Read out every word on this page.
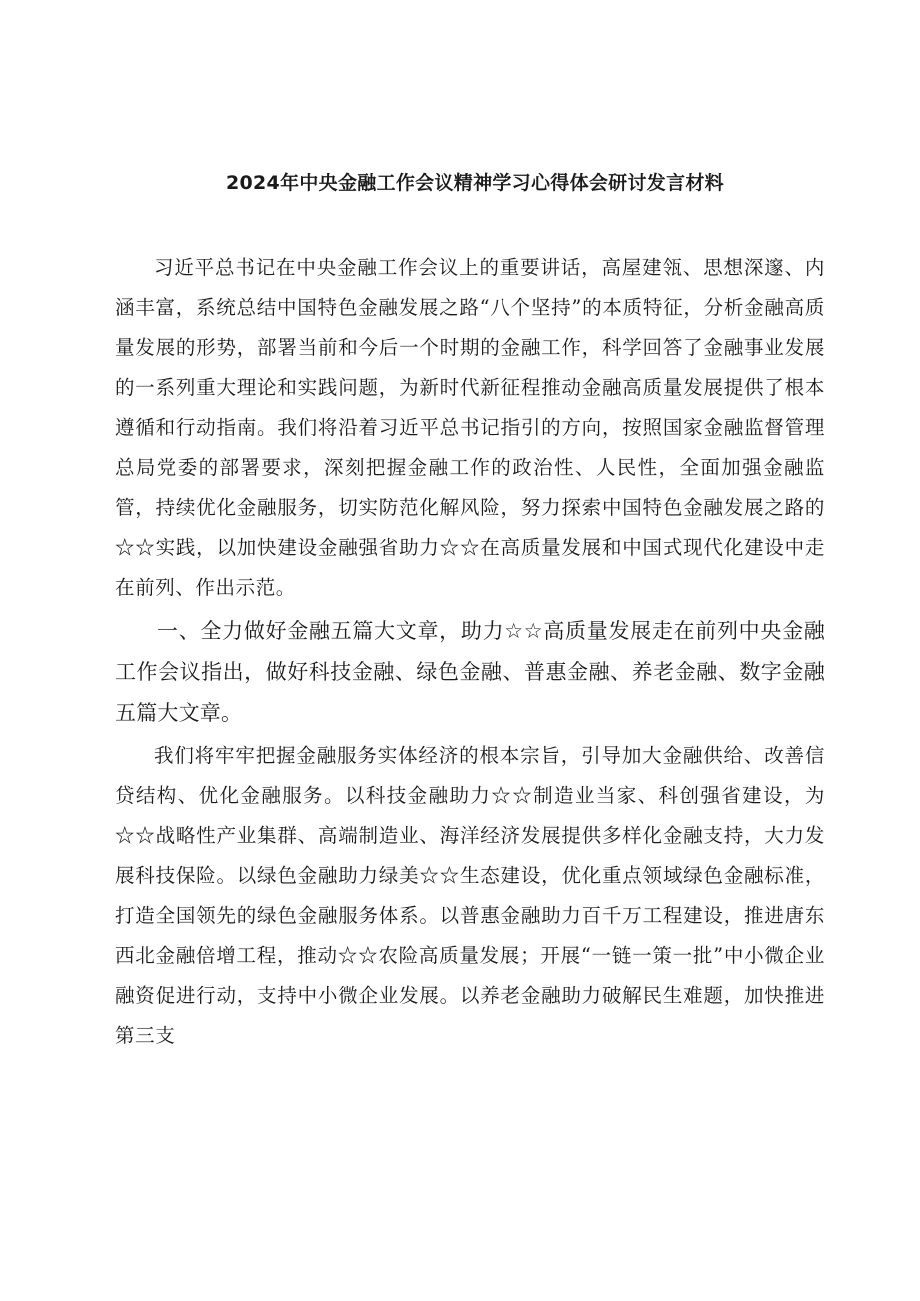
2024年中央金融工作会议精神学习心得体会研讨发言材料

习近平总书记在中央金融工作会议上的重要讲话，高屋建瓴、思想深邃、内涵丰富，系统总结中国特色金融发展之路“八个坚持”的本质特征，分析金融高质量发展的形势，部署当前和今后一个时期的金融工作，科学回答了金融事业发展的一系列重大理论和实践问题，为新时代新征程推动金融高质量发展提供了根本遵循和行动指南。我们将沿着习近平总书记指引的方向，按照国家金融监督管理总局党委的部署要求，深刻把握金融工作的政治性、人民性，全面加强金融监管，持续优化金融服务，切实防范化解风险，努力探索中国特色金融发展之路的☆☆实践，以加快建设金融强省助力☆☆在高质量发展和中国式现代化建设中走在前列、作出示范。

一、全力做好金融五篇大文章，助力☆☆高质量发展走在前列中央金融工作会议指出，做好科技金融、绿色金融、普惠金融、养老金融、数字金融五篇大文章。

我们将牢牢把握金融服务实体经济的根本宗旨，引导加大金融供给、改善信贷结构、优化金融服务。以科技金融助力☆☆制造业当家、科创强省建设，为☆☆战略性产业集群、高端制造业、海洋经济发展提供多样化金融支持，大力发展科技保险。以绿色金融助力绿美☆☆生态建设，优化重点领域绿色金融标准，打造全国领先的绿色金融服务体系。以普惠金融助力百千万工程建设，推进唐东西北金融倍增工程，推动☆☆农险高质量发展；开展“一链一策一批”中小微企业融资促进行动，支持中小微企业发展。以养老金融助力破解民生难题，加快推进第三支
